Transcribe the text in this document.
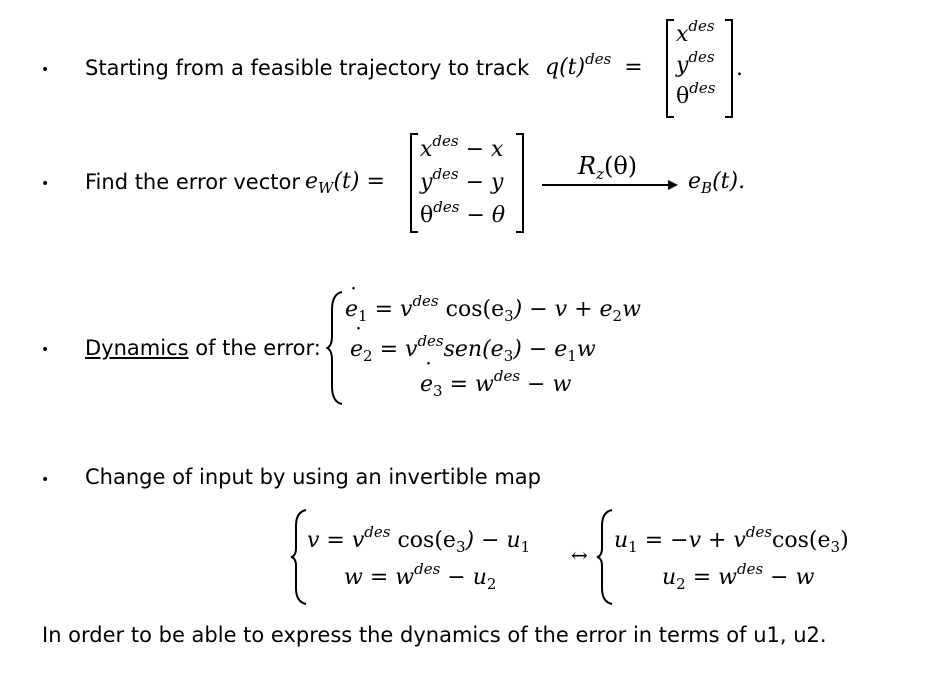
• Starting from a feasible trajectory to track $q(t)^{des}$ =
$x^{des}$
$y^{des}$
$\theta^{des}$
.
• Find the error vector $e_W(t)$ =
$x^{des} - x$
$y^{des} - y$
$\theta^{des} - \theta$
$R_z(\theta)$
$e_B(t)$.
• Dynamics of the error:
e $˙_1 = v^{des}$ $\cos(e_3) - v + e_2w$
e $˙_2 = v^{des}sen(e_3) - e_1w$
e $˙_3 = w^{des} - w$
• Change of input by using an invertible map
$v = v^{des}$ $\cos(e_3) - u_1$
$w = w^{des} - u_2$
↔
$u_1 = -v + v^{des}\cos(e_3)$
$u_2 = w^{des} - w$
In order to be able to express the dynamics of the error in terms of u1, u2.
